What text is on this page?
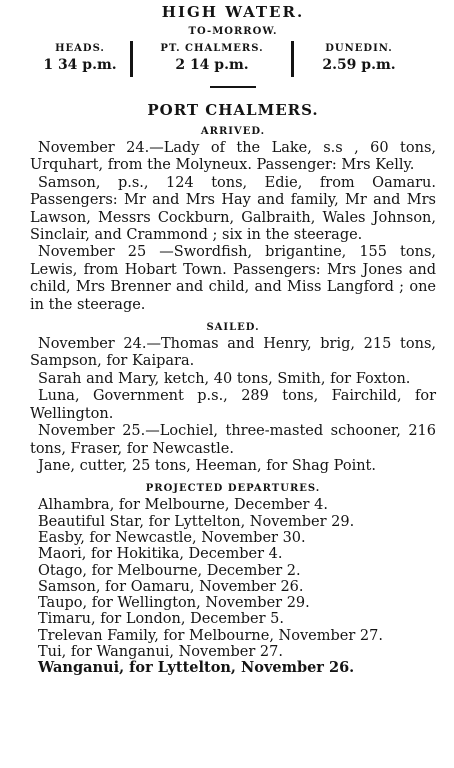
HIGH WATER.
TO-MORROW.
HEADS.
1 34 p.m.
PT. CHALMERS.
2 14 p.m.
DUNEDIN.
2.59 p.m.
PORT CHALMERS.
ARRIVED.

November 24.—Lady of the Lake, s.s , 60 tons, Urquhart, from the Molyneux. Passenger: Mrs Kelly.

Samson, p.s., 124 tons, Edie, from Oamaru. Passengers: Mr and Mrs Hay and family, Mr and Mrs Lawson, Messrs Cockburn, Galbraith, Wales Johnson, Sinclair, and Crammond ; six in the steerage.

November 25 —Swordfish, brigantine, 155 tons, Lewis, from Hobart Town. Passengers: Mrs Jones and child, Mrs Brenner and child, and Miss Langford ; one in the steerage.

SAILED.

November 24.—Thomas and Henry, brig, 215 tons, Sampson, for Kaipara.

Sarah and Mary, ketch, 40 tons, Smith, for Foxton.

Luna, Government p.s., 289 tons, Fairchild, for Wellington.

November 25.—Lochiel, three-masted schooner, 216 tons, Fraser, for Newcastle.

Jane, cutter, 25 tons, Heeman, for Shag Point.

PROJECTED DEPARTURES.

Alhambra, for Melbourne, December 4.

Beautiful Star, for Lyttelton, November 29.

Easby, for Newcastle, November 30.

Maori, for Hokitika, December 4.

Otago, for Melbourne, December 2.

Samson, for Oamaru, November 26.

Taupo, for Wellington, November 29.

Timaru, for London, December 5.

Trelevan Family, for Melbourne, November 27.

Tui, for Wanganui, November 27.

Wanganui, for Lyttelton, November 26.
